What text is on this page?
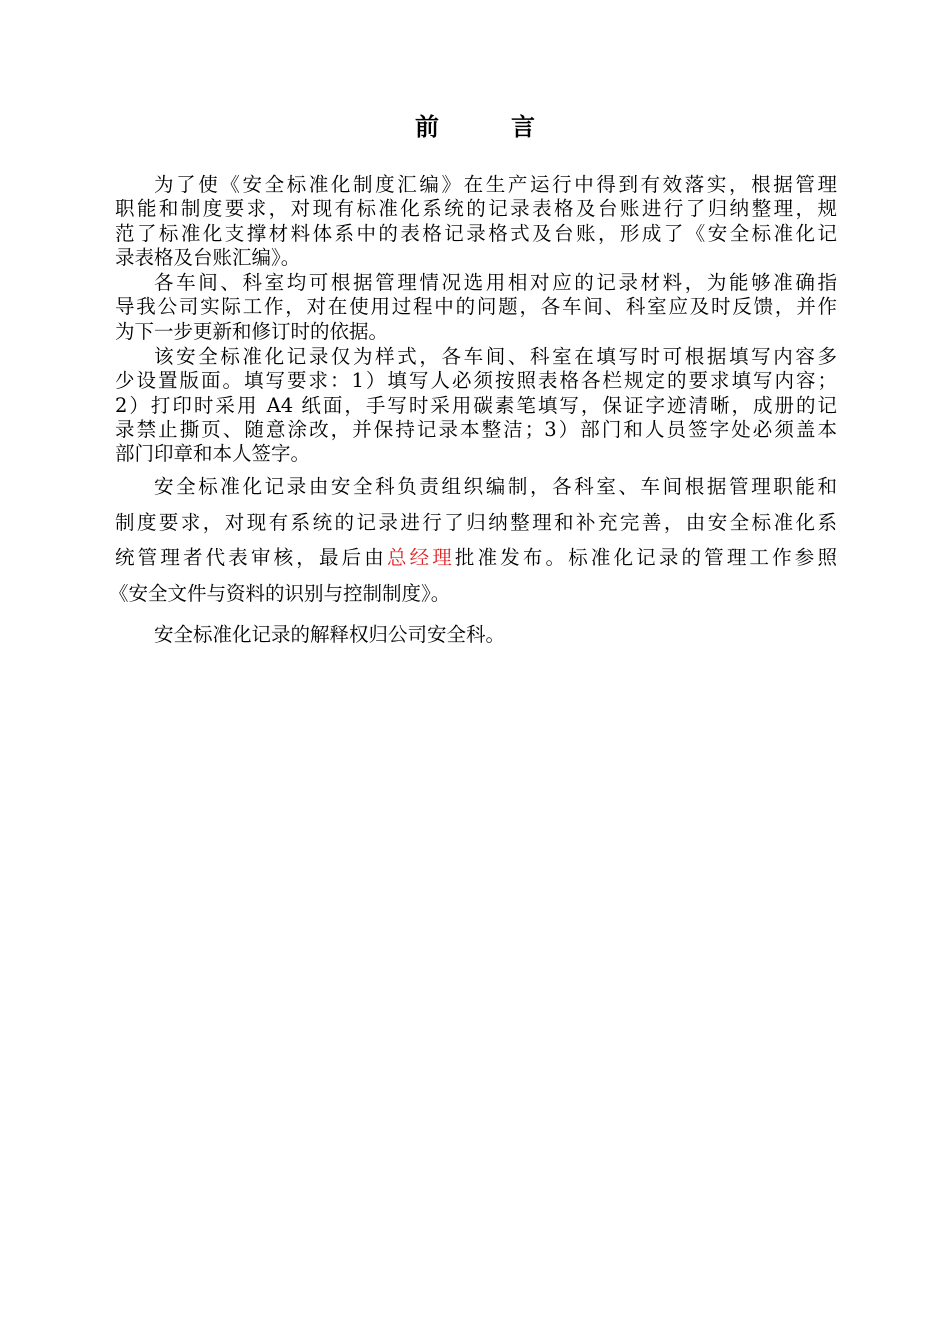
前	言
为了使《安全标准化制度汇编》在生产运行中得到有效落实，根据管理
职能和制度要求，对现有标准化系统的记录表格及台账进行了归纳整理，规
范了标准化支撑材料体系中的表格记录格式及台账，形成了《安全标准化记
录表格及台账汇编》。
各车间、科室均可根据管理情况选用相对应的记录材料，为能够准确指
导我公司实际工作，对在使用过程中的问题，各车间、科室应及时反馈，并作
为下一步更新和修订时的依据。
该安全标准化记录仅为样式，各车间、科室在填写时可根据填写内容多
少设置版面。填写要求：1）填写人必须按照表格各栏规定的要求填写内容；
2）打印时采用 A4 纸面，手写时采用碳素笔填写，保证字迹清晰，成册的记
录禁止撕页、随意涂改，并保持记录本整洁；3）部门和人员签字处必须盖本
部门印章和本人签字。
安全标准化记录由安全科负责组织编制，各科室、车间根据管理职能和
制度要求，对现有系统的记录进行了归纳整理和补充完善，由安全标准化系
统管理者代表审核，最后由总经理批准发布。标准化记录的管理工作参照
《安全文件与资料的识别与控制制度》。
安全标准化记录的解释权归公司安全科。
